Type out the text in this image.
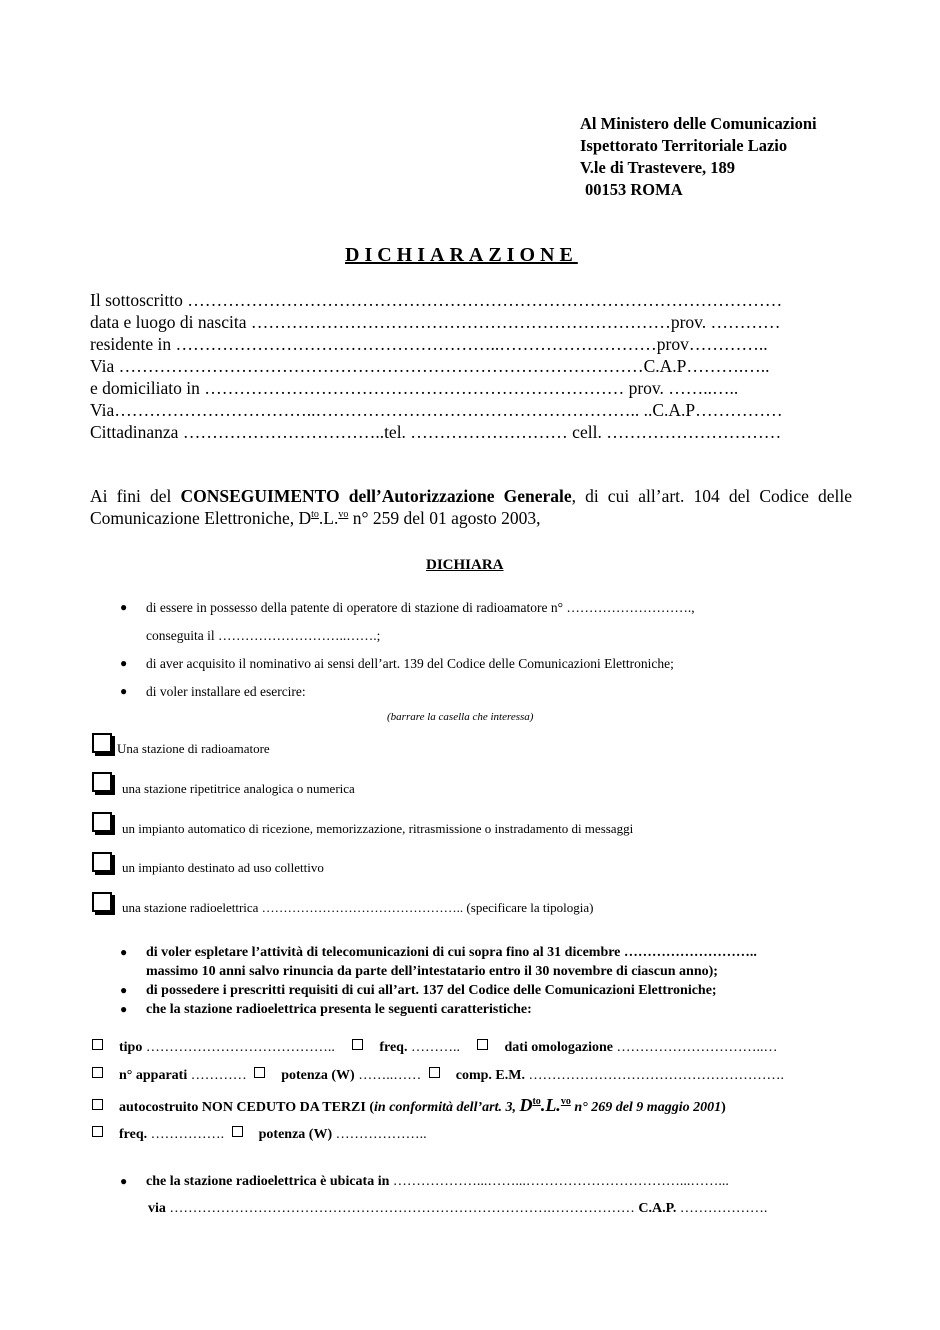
Al Ministero delle Comunicazioni
Ispettorato Territoriale Lazio
V.le di Trastevere, 189
00153 ROMA
DICHIARAZIONE
Il sottoscritto …………………………………………………………………………………………
data e luogo di nascita ………………………………………………………………prov. …………
residente in ………………………………………………..………………………prov…………..
Via ………………………………………………………………………………C.A.P……….…..
e domiciliato in ……………………………………………………………… prov. ……..…..
Via……………………………..……………………………………………….. ..C.A.P……………
Cittadinanza ……………………………..tel. ……………………… cell. …………………………
Ai fini del CONSEGUIMENTO dell’Autorizzazione Generale, di cui all’art. 104 del Codice delle Comunicazione Elettroniche, $D^{to}.L.^{vo}$ n° 259 del 01 agosto 2003,
DICHIARA
● di essere in possesso della patente di operatore di stazione di radioamatore n° ……………………….,
conseguita il ………………………..…….;
● di aver acquisito il nominativo ai sensi dell’art. 139 del Codice delle Comunicazioni Elettroniche;
● di voler installare ed esercire:
(barrare la casella che interessa)
Una stazione di radioamatore
una stazione ripetitrice analogica o numerica
un impianto automatico di ricezione, memorizzazione, ritrasmissione o instradamento di messaggi
un impianto destinato ad uso collettivo
una stazione radioelettrica ……………………………………….. (specificare la tipologia)
● di voler espletare l’attività di telecomunicazioni di cui sopra fino al 31 dicembre ………………………..
massimo 10 anni salvo rinuncia da parte dell’intestatario entro il 30 novembre di ciascun anno);
● di possedere i prescritti requisiti di cui all’art. 137 del Codice delle Comunicazioni Elettroniche;
● che la stazione radioelettrica presenta le seguenti caratteristiche:
tipo …………………………………..	freq. ………..	dati omologazione …………………………..…
n° apparati ………… potenza (W) ……..…… comp. E.M. ……………………………………………….
autocostruito NON CEDUTO DA TERZI (in conformità dell’art. 3, $D^{to}.L.^{vo}$ n° 269 del 9 maggio 2001)
freq. ……………. potenza (W) ………………..
● che la stazione radioelettrica è ubicata in ………………...……...……………………………...……...
via ……………………………………………………………………….……………… C.A.P. ……………….
